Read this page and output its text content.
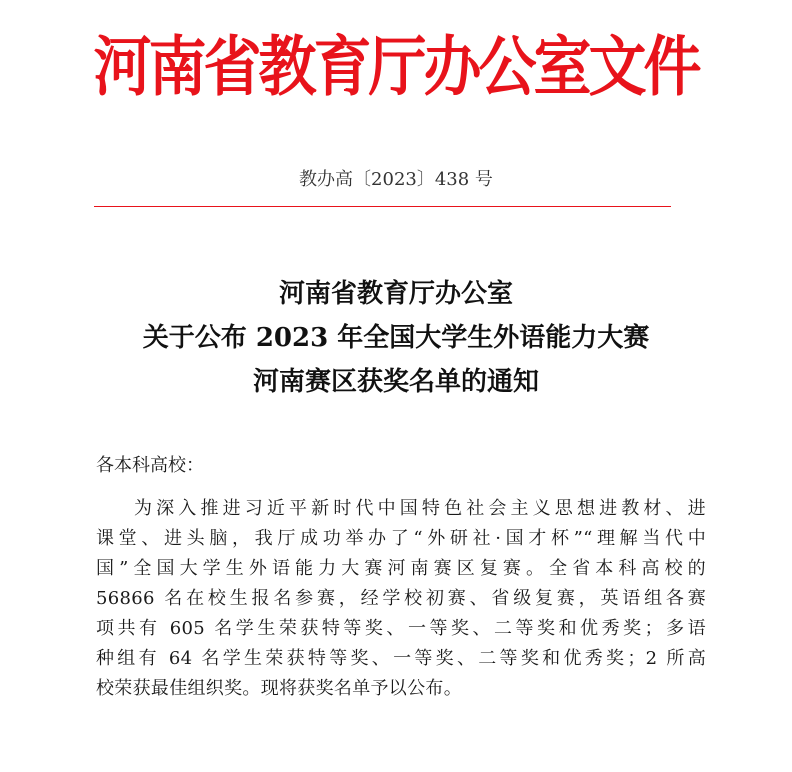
河南省教育厅办公室文件
教办高〔2023〕438 号
河南省教育厅办公室
关于公布 2023 年全国大学生外语能力大赛
河南赛区获奖名单的通知
各本科高校：
为深入推进习近平新时代中国特色社会主义思想进教材、进
课堂、进头脑，我厅成功举办了“外研社·国才杯”“理解当代中
国”全国大学生外语能力大赛河南赛区复赛。全省本科高校的
56866 名在校生报名参赛，经学校初赛、省级复赛，英语组各赛
项共有 605 名学生荣获特等奖、一等奖、二等奖和优秀奖；多语
种组有 64 名学生荣获特等奖、一等奖、二等奖和优秀奖；2 所高
校荣获最佳组织奖。现将获奖名单予以公布。
